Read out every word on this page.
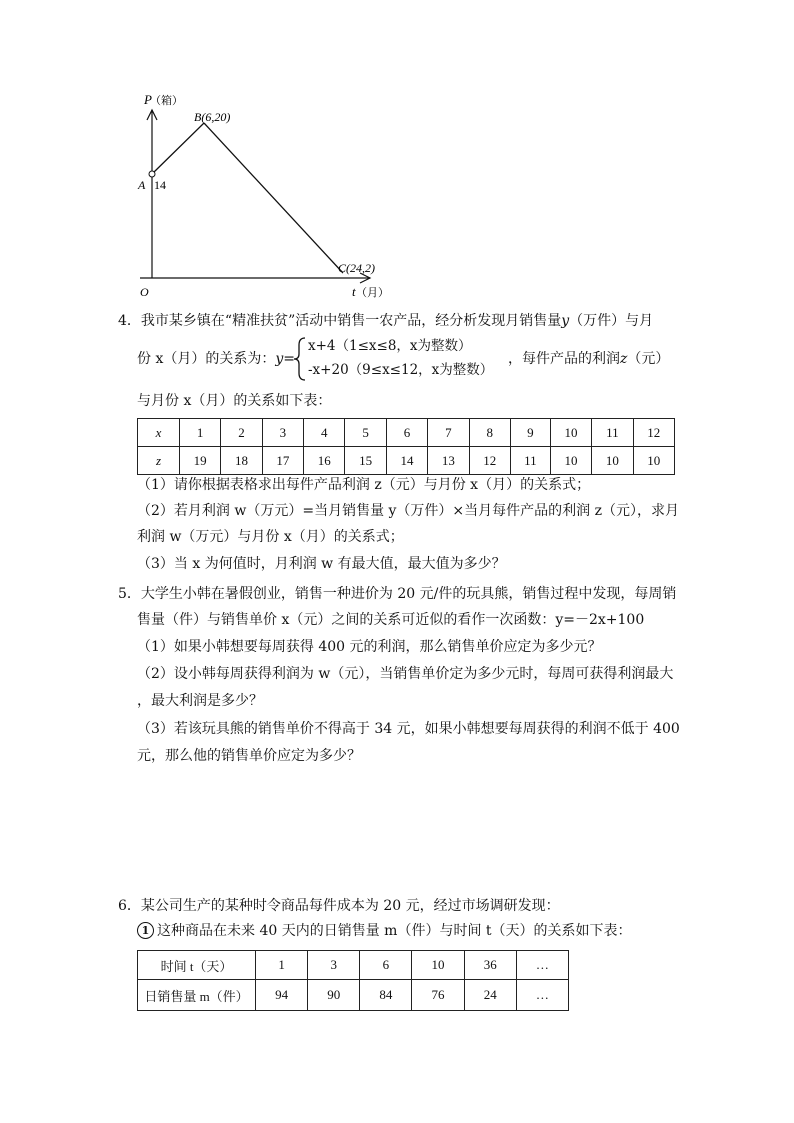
P
（箱）
B(6,20)
A 14
C(24,2)
O	t （月）
4．我市某乡镇在“精准扶贫”活动中销售一农产品，经分析发现月销售量y（万件）与月
份 x（月）的关系为：y=
x+4（1≤x≤8，x为整数）
-x+20（9≤x≤12，x为整数）
，每件产品的利润z（元）
与月份 x（月）的关系如下表：
x	1	2	3	4	5	6	7	8	9	10	11	12
z	19	18	17	16	15	14	13	12	11	10	10	10
（1）请你根据表格求出每件产品利润 z（元）与月份 x（月）的关系式；
（2）若月利润 w（万元）=当月销售量 y（万件）×当月每件产品的利润 z（元），求月
利润 w（万元）与月份 x（月）的关系式；
（3）当 x 为何值时，月利润 w 有最大值，最大值为多少？
5．大学生小韩在暑假创业，销售一种进价为 20 元/件的玩具熊，销售过程中发现，每周销
售量（件）与销售单价 x（元）之间的关系可近似的看作一次函数：y=－2x+100
（1）如果小韩想要每周获得 400 元的利润，那么销售单价应定为多少元？
（2）设小韩每周获得利润为 w（元），当销售单价定为多少元时，每周可获得利润最大
，最大利润是多少？
（3）若该玩具熊的销售单价不得高于 34 元，如果小韩想要每周获得的利润不低于 400
元，那么他的销售单价应定为多少？
6．某公司生产的某种时令商品每件成本为 20 元，经过市场调研发现：
1 这种商品在未来 40 天内的日销售量 m（件）与时间 t（天）的关系如下表：
时间 t（天）	1	3	6	10	36	…
日销售量 m（件）	94	90	84	76	24	…
